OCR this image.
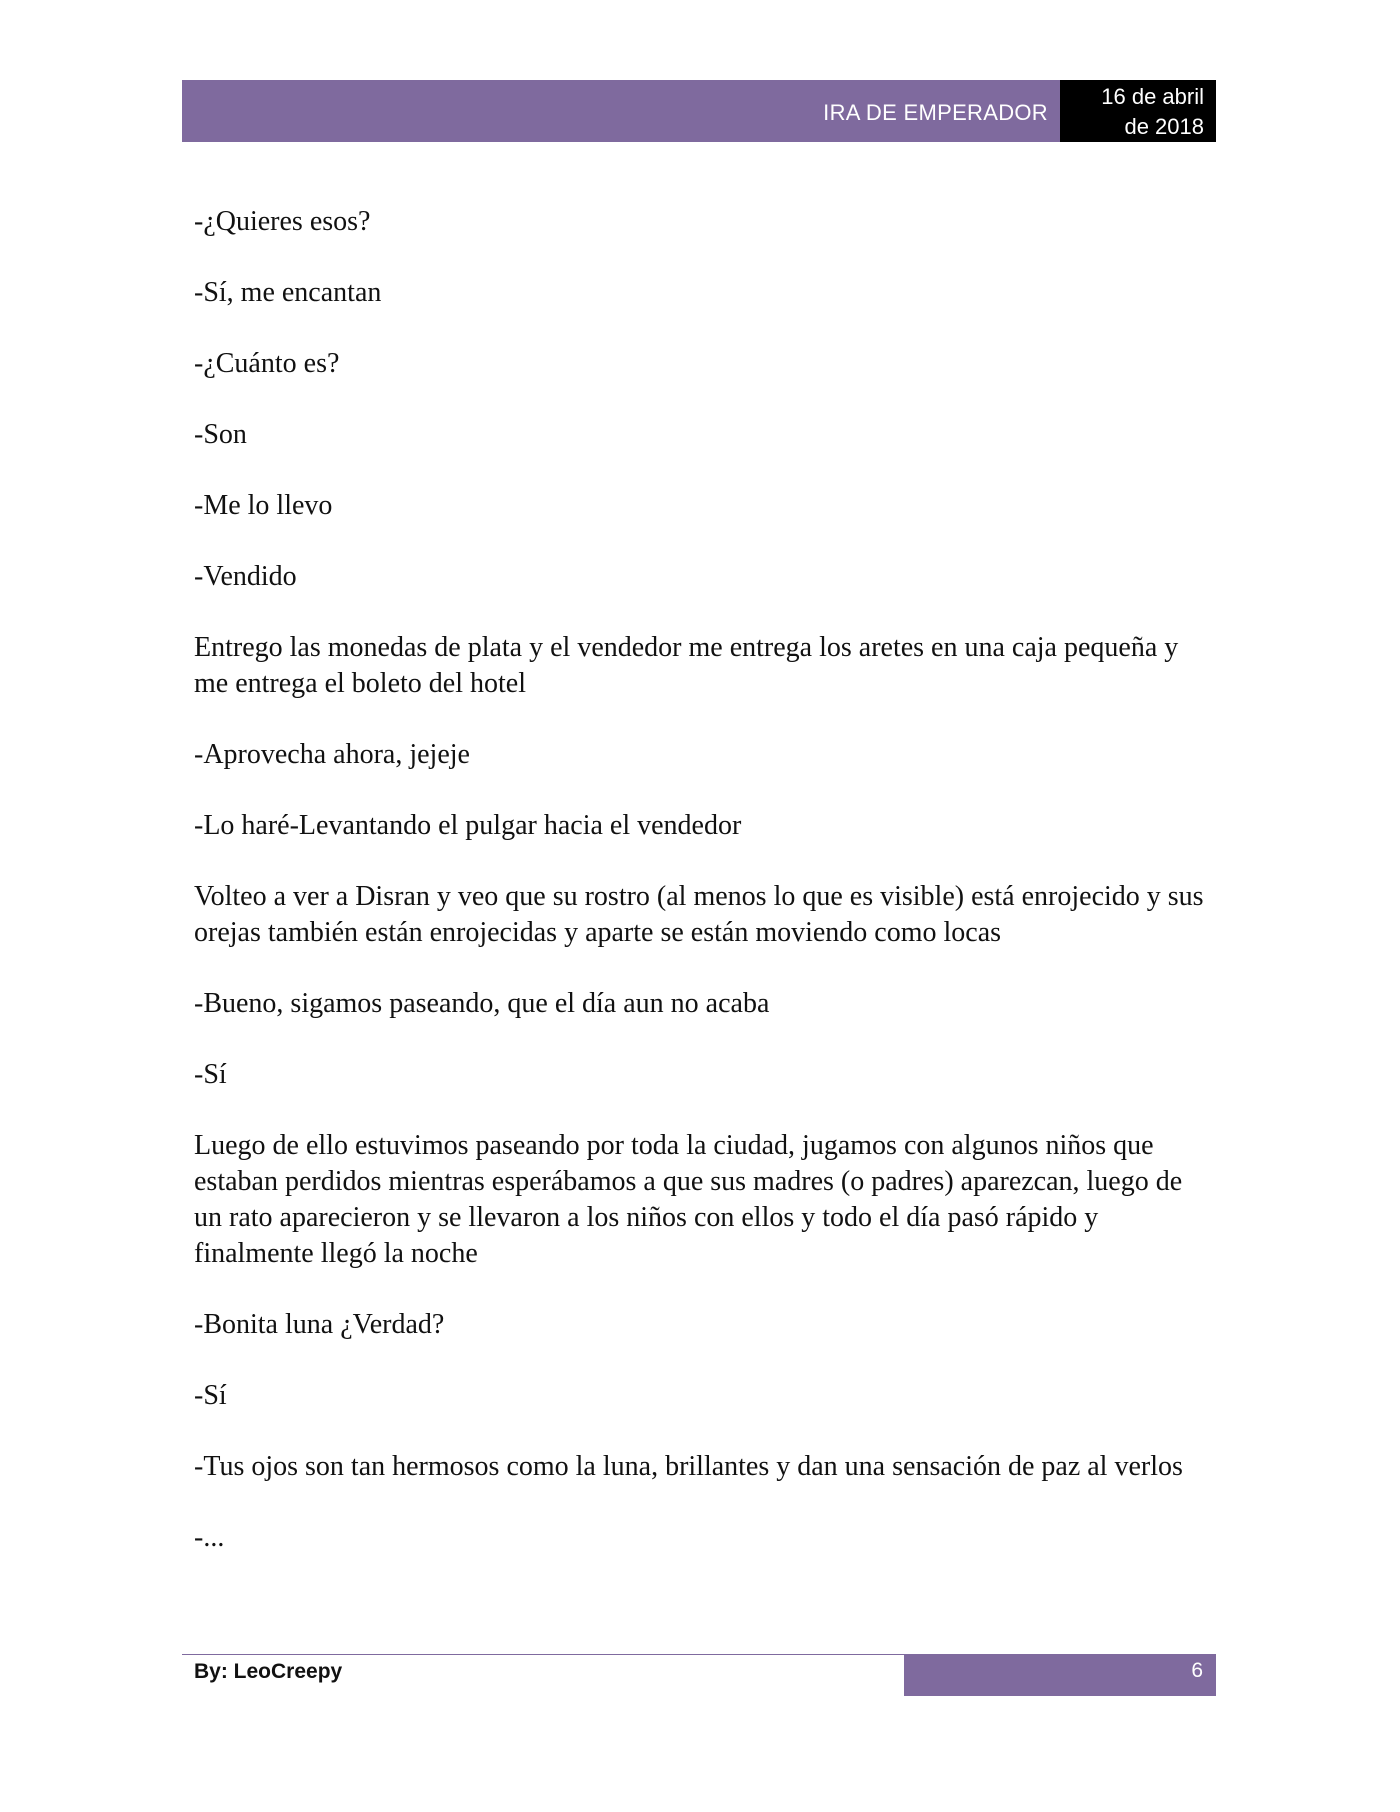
IRA DE EMPERADOR
16 de abril
de 2018

-¿Quieres esos?

-Sí, me encantan

-¿Cuánto es?

-Son

-Me lo llevo

-Vendido

Entrego las monedas de plata y el vendedor me entrega los aretes en una caja pequeña y me entrega el boleto del hotel

-Aprovecha ahora, jejeje

-Lo haré-Levantando el pulgar hacia el vendedor

Volteo a ver a Disran y veo que su rostro (al menos lo que es visible) está enrojecido y sus orejas también están enrojecidas y aparte se están moviendo como locas

-Bueno, sigamos paseando, que el día aun no acaba

-Sí

Luego de ello estuvimos paseando por toda la ciudad, jugamos con algunos niños que estaban perdidos mientras esperábamos a que sus madres (o padres) aparezcan, luego de un rato aparecieron y se llevaron a los niños con ellos y todo el día pasó rápido y finalmente llegó la noche

-Bonita luna ¿Verdad?

-Sí

-Tus ojos son tan hermosos como la luna, brillantes y dan una sensación de paz al verlos

-...

By: LeoCreepy	6
